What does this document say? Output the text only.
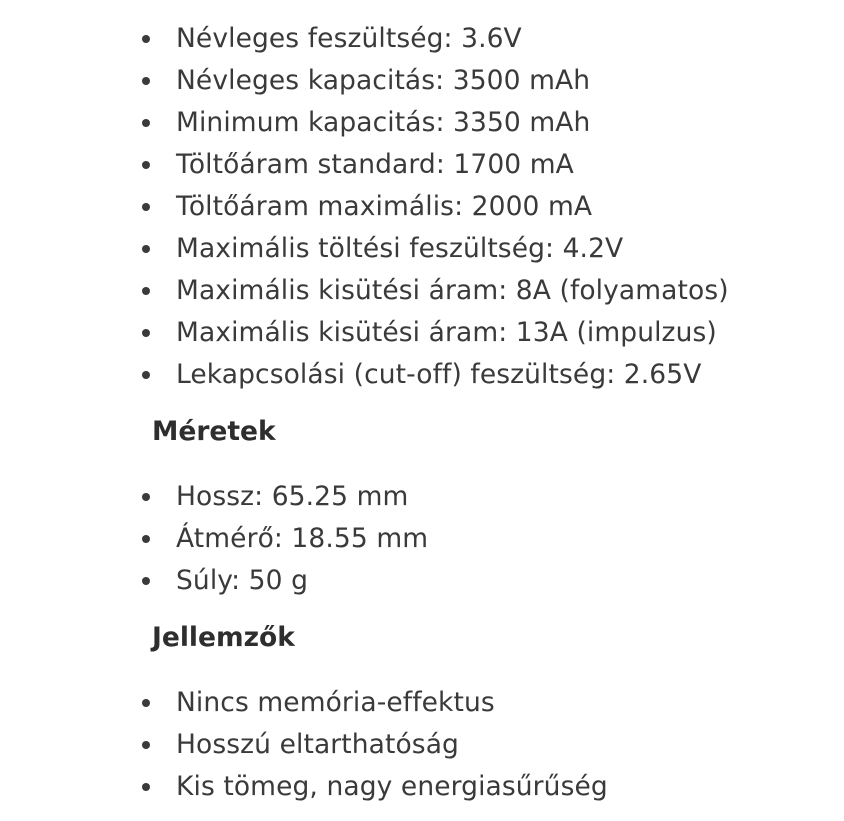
Névleges feszültség: 3.6V
Névleges kapacitás: 3500 mAh
Minimum kapacitás: 3350 mAh
Töltőáram standard: 1700 mA
Töltőáram maximális: 2000 mA
Maximális töltési feszültség: 4.2V
Maximális kisütési áram: 8A (folyamatos)
Maximális kisütési áram: 13A (impulzus)
Lekapcsolási (cut-off) feszültség: 2.65V
Méretek
Hossz: 65.25 mm
Átmérő: 18.55 mm
Súly: 50 g
Jellemzők
Nincs memória-effektus
Hosszú eltarthatóság
Kis tömeg, nagy energiasűrűség
